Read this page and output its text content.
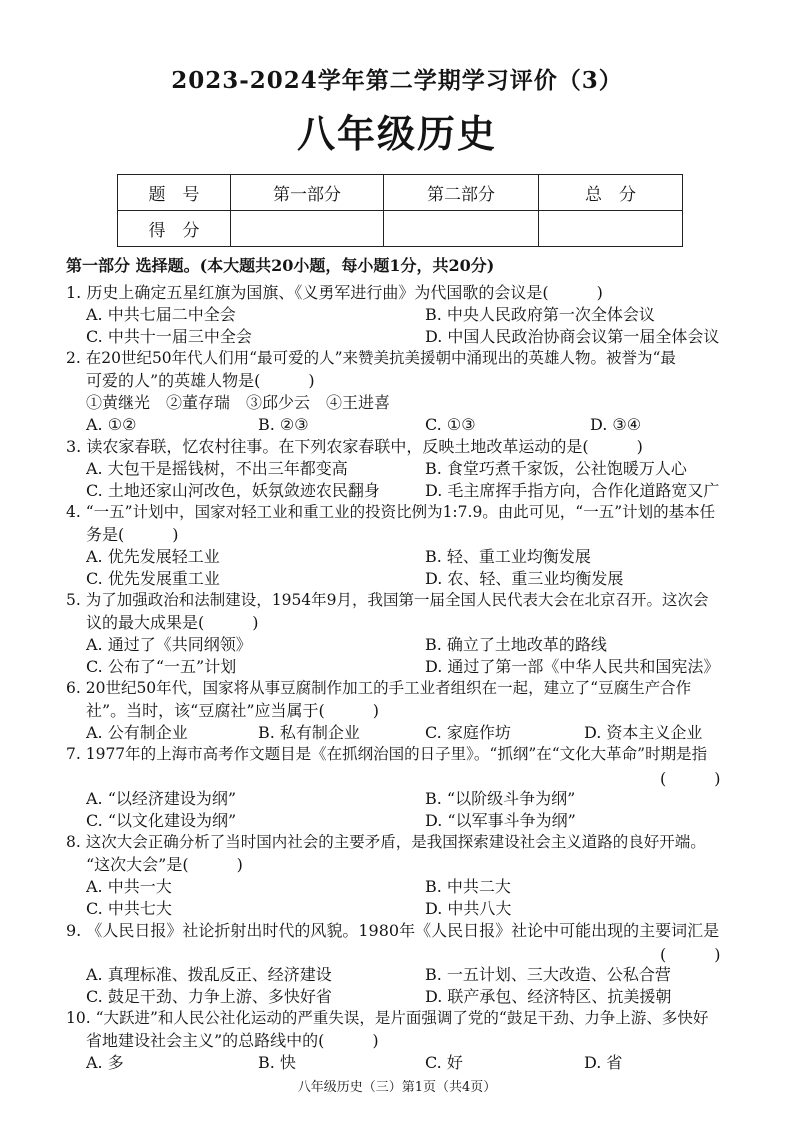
2023-2024学年第二学期学习评价（3）
八年级历史
题　号	第一部分	第二部分	总　分
得　分			
第一部分 选择题。(本大题共20小题，每小题1分，共20分)
1. 历史上确定五星红旗为国旗、《义勇军进行曲》为代国歌的会议是(　　　)
A. 中共七届二中全会	B. 中央人民政府第一次全体会议
C. 中共十一届三中全会	D. 中国人民政治协商会议第一届全体会议
2. 在20世纪50年代人们用“最可爱的人”来赞美抗美援朝中涌现出的英雄人物。被誉为“最
可爱的人”的英雄人物是(　　　)
①黄继光　②董存瑞　③邱少云　④王进喜
A. ①②	B. ②③	C. ①③	D. ③④
3. 读农家春联，忆农村往事。在下列农家春联中，反映土地改革运动的是(　　　)
A. 大包干是摇钱树，不出三年都变高	B. 食堂巧煮千家饭，公社饱暖万人心
C. 土地还家山河改色，妖氛敛迹农民翻身	D. 毛主席挥手指方向，合作化道路宽又广
4. “一五”计划中，国家对轻工业和重工业的投资比例为1:7.9。由此可见，“一五”计划的基本任
务是(　　　)
A. 优先发展轻工业	B. 轻、重工业均衡发展
C. 优先发展重工业	D. 农、轻、重三业均衡发展
5. 为了加强政治和法制建设，1954年9月，我国第一届全国人民代表大会在北京召开。这次会
议的最大成果是(　　　)
A. 通过了《共同纲领》	B. 确立了土地改革的路线
C. 公布了“一五”计划	D. 通过了第一部《中华人民共和国宪法》
6. 20世纪50年代，国家将从事豆腐制作加工的手工业者组织在一起，建立了“豆腐生产合作
社”。当时，该“豆腐社”应当属于(　　　)
A. 公有制企业	B. 私有制企业	C. 家庭作坊	D. 资本主义企业
7. 1977年的上海市高考作文题目是《在抓纲治国的日子里》。“抓纲”在“文化大革命”时期是指
(　　　)
A. “以经济建设为纲”	B. “以阶级斗争为纲”
C. “以文化建设为纲”	D. “以军事斗争为纲”
8. 这次大会正确分析了当时国内社会的主要矛盾，是我国探索建设社会主义道路的良好开端。
“这次大会”是(　　　)
A. 中共一大	B. 中共二大
C. 中共七大	D. 中共八大
9. 《人民日报》社论折射出时代的风貌。1980年《人民日报》社论中可能出现的主要词汇是
(　　　)
A. 真理标准、拨乱反正、经济建设	B. 一五计划、三大改造、公私合营
C. 鼓足干劲、力争上游、多快好省	D. 联产承包、经济特区、抗美援朝
10. “大跃进”和人民公社化运动的严重失误，是片面强调了党的“鼓足干劲、力争上游、多快好
省地建设社会主义”的总路线中的(　　　)
A. 多	B. 快	C. 好	D. 省
八年级历史（三）第1页（共4页）
